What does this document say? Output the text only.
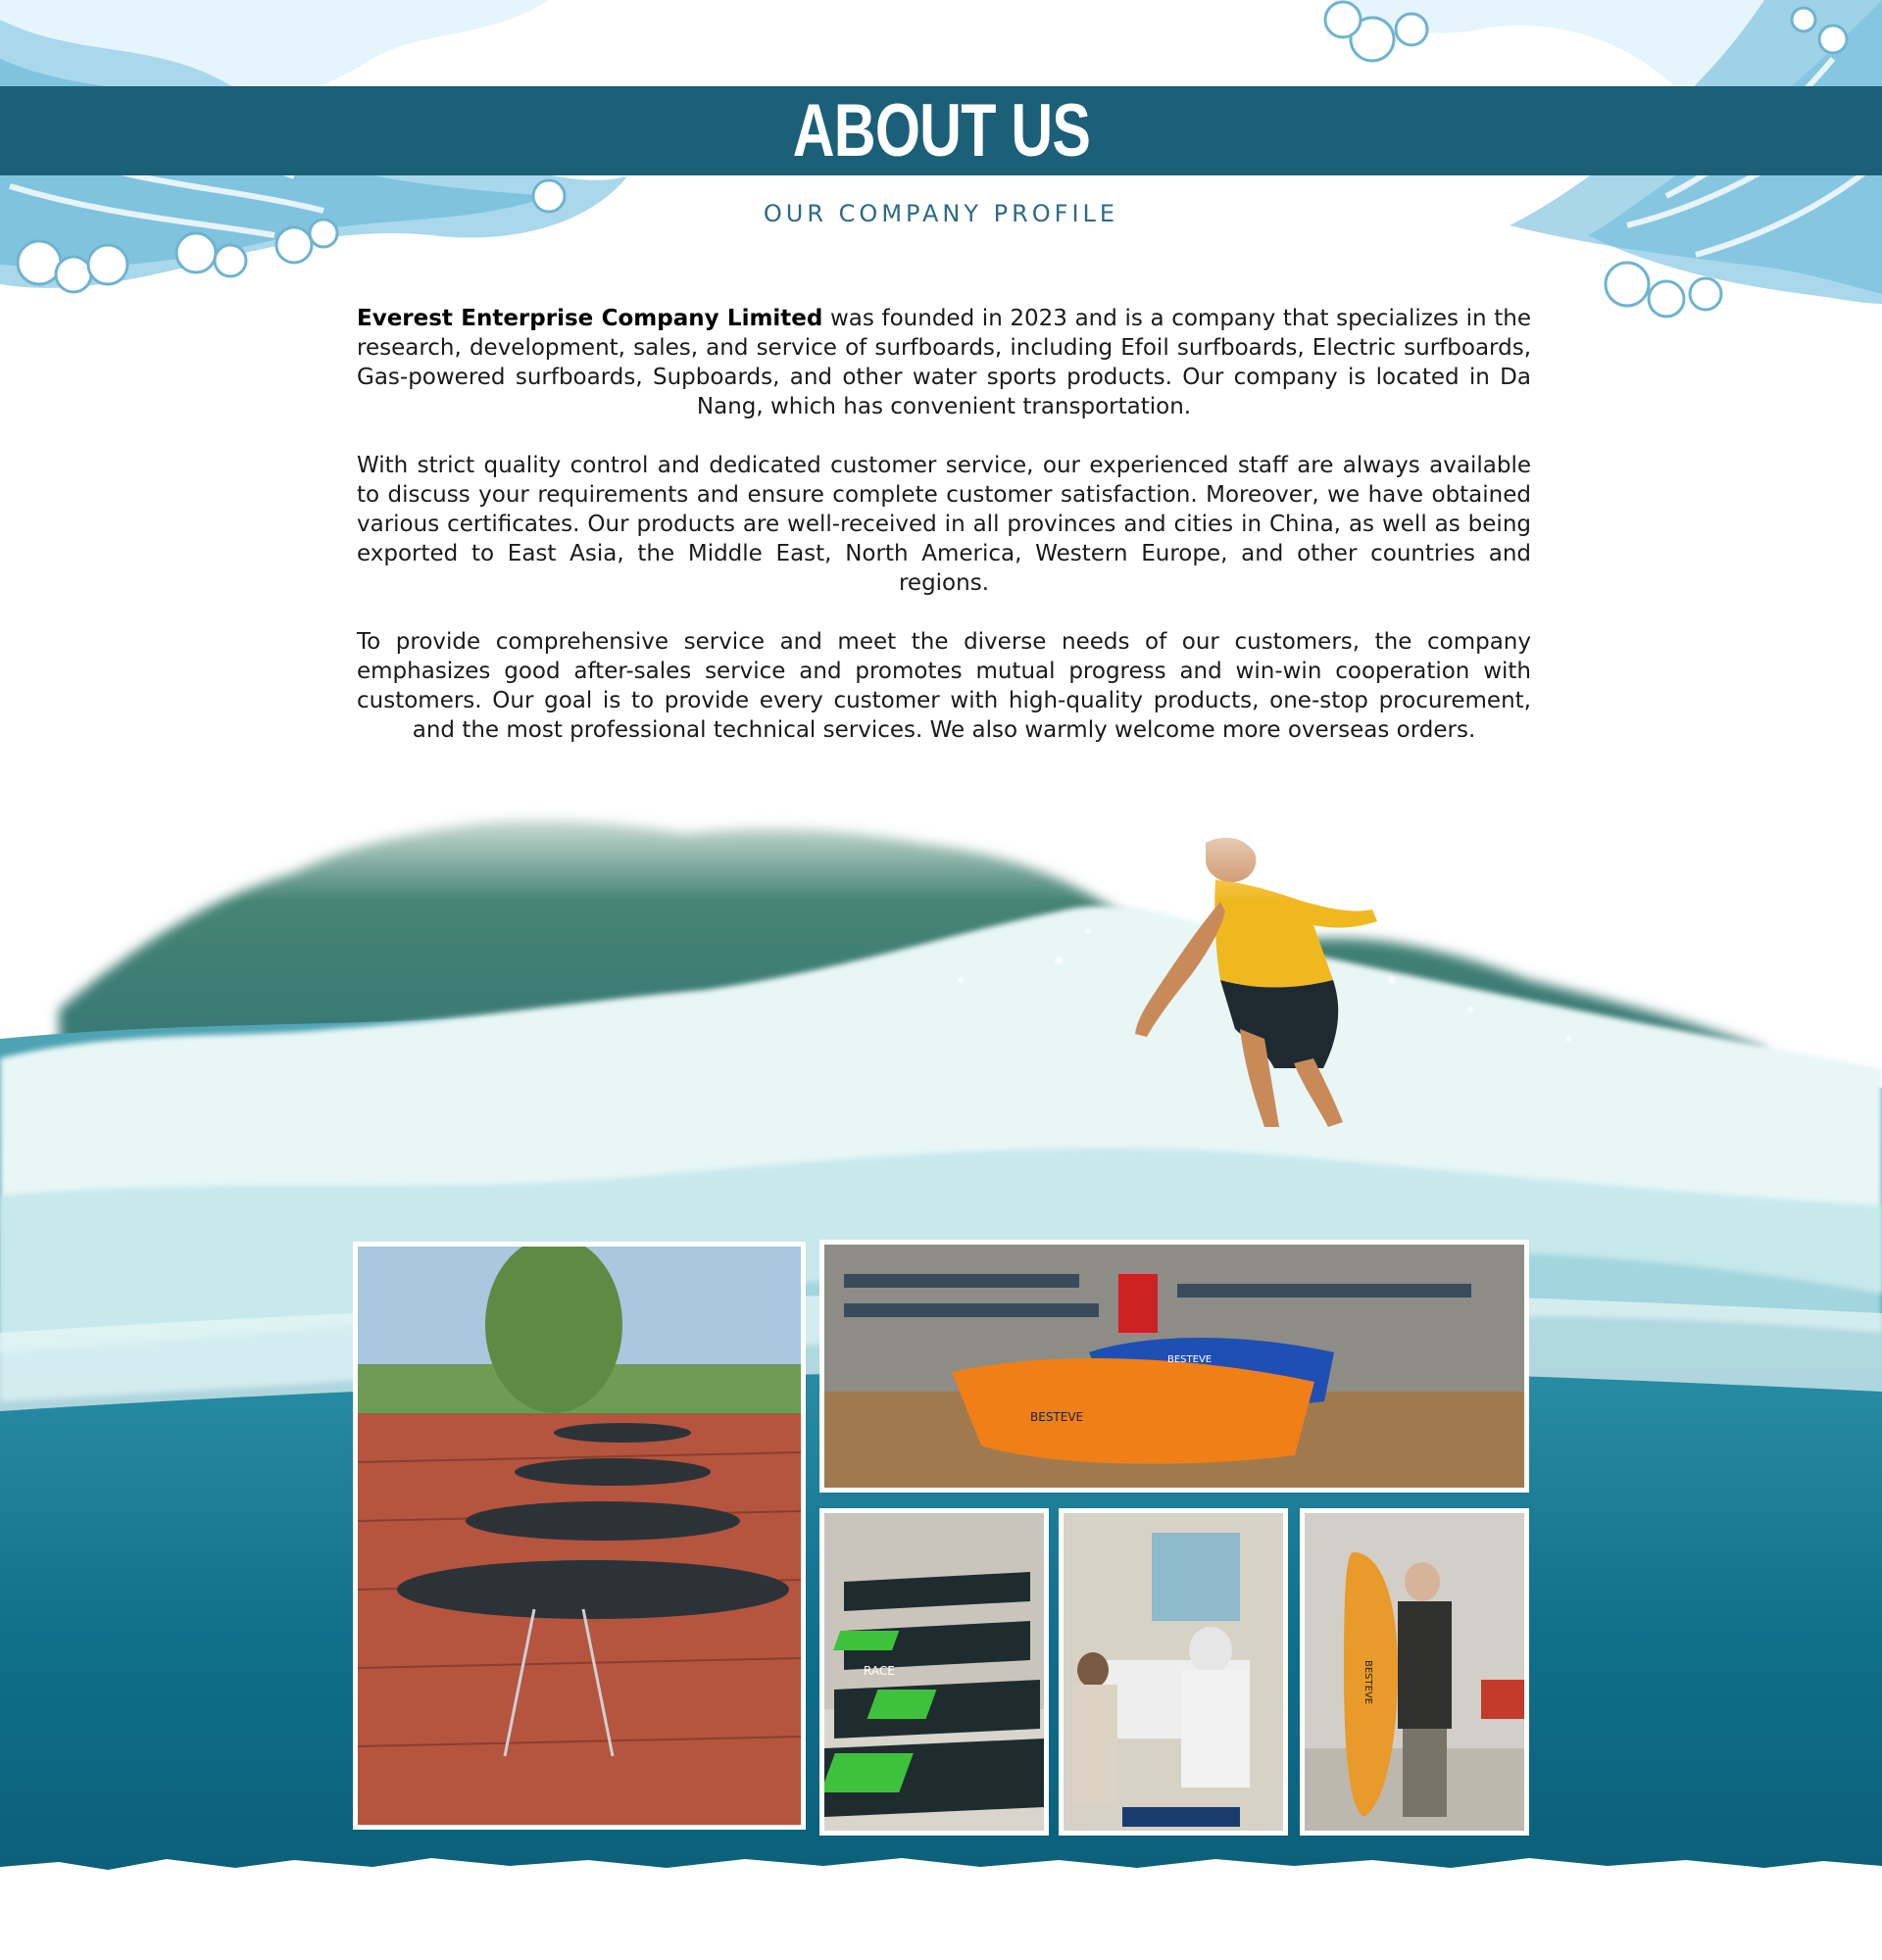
ABOUT US
OUR COMPANY PROFILE

Everest Enterprise Company Limited was founded in 2023 and is a company that specializes in the research, development, sales, and service of surfboards, including Efoil surfboards, Electric surfboards, Gas-powered surfboards, Supboards, and other water sports products. Our company is located in Da Nang, which has convenient transportation.

With strict quality control and dedicated customer service, our experienced staff are always available to discuss your requirements and ensure complete customer satisfaction. Moreover, we have obtained various certificates. Our products are well-received in all provinces and cities in China, as well as being exported to East Asia, the Middle East, North America, Western Europe, and other countries and regions.

To provide comprehensive service and meet the diverse needs of our customers, the company emphasizes good after-sales service and promotes mutual progress and win-win cooperation with customers. Our goal is to provide every customer with high-quality products, one-stop procurement, and the most professional technical services. We also warmly welcome more overseas orders.

BESTEVE
BESTEVE
RACE	BESTEVE
